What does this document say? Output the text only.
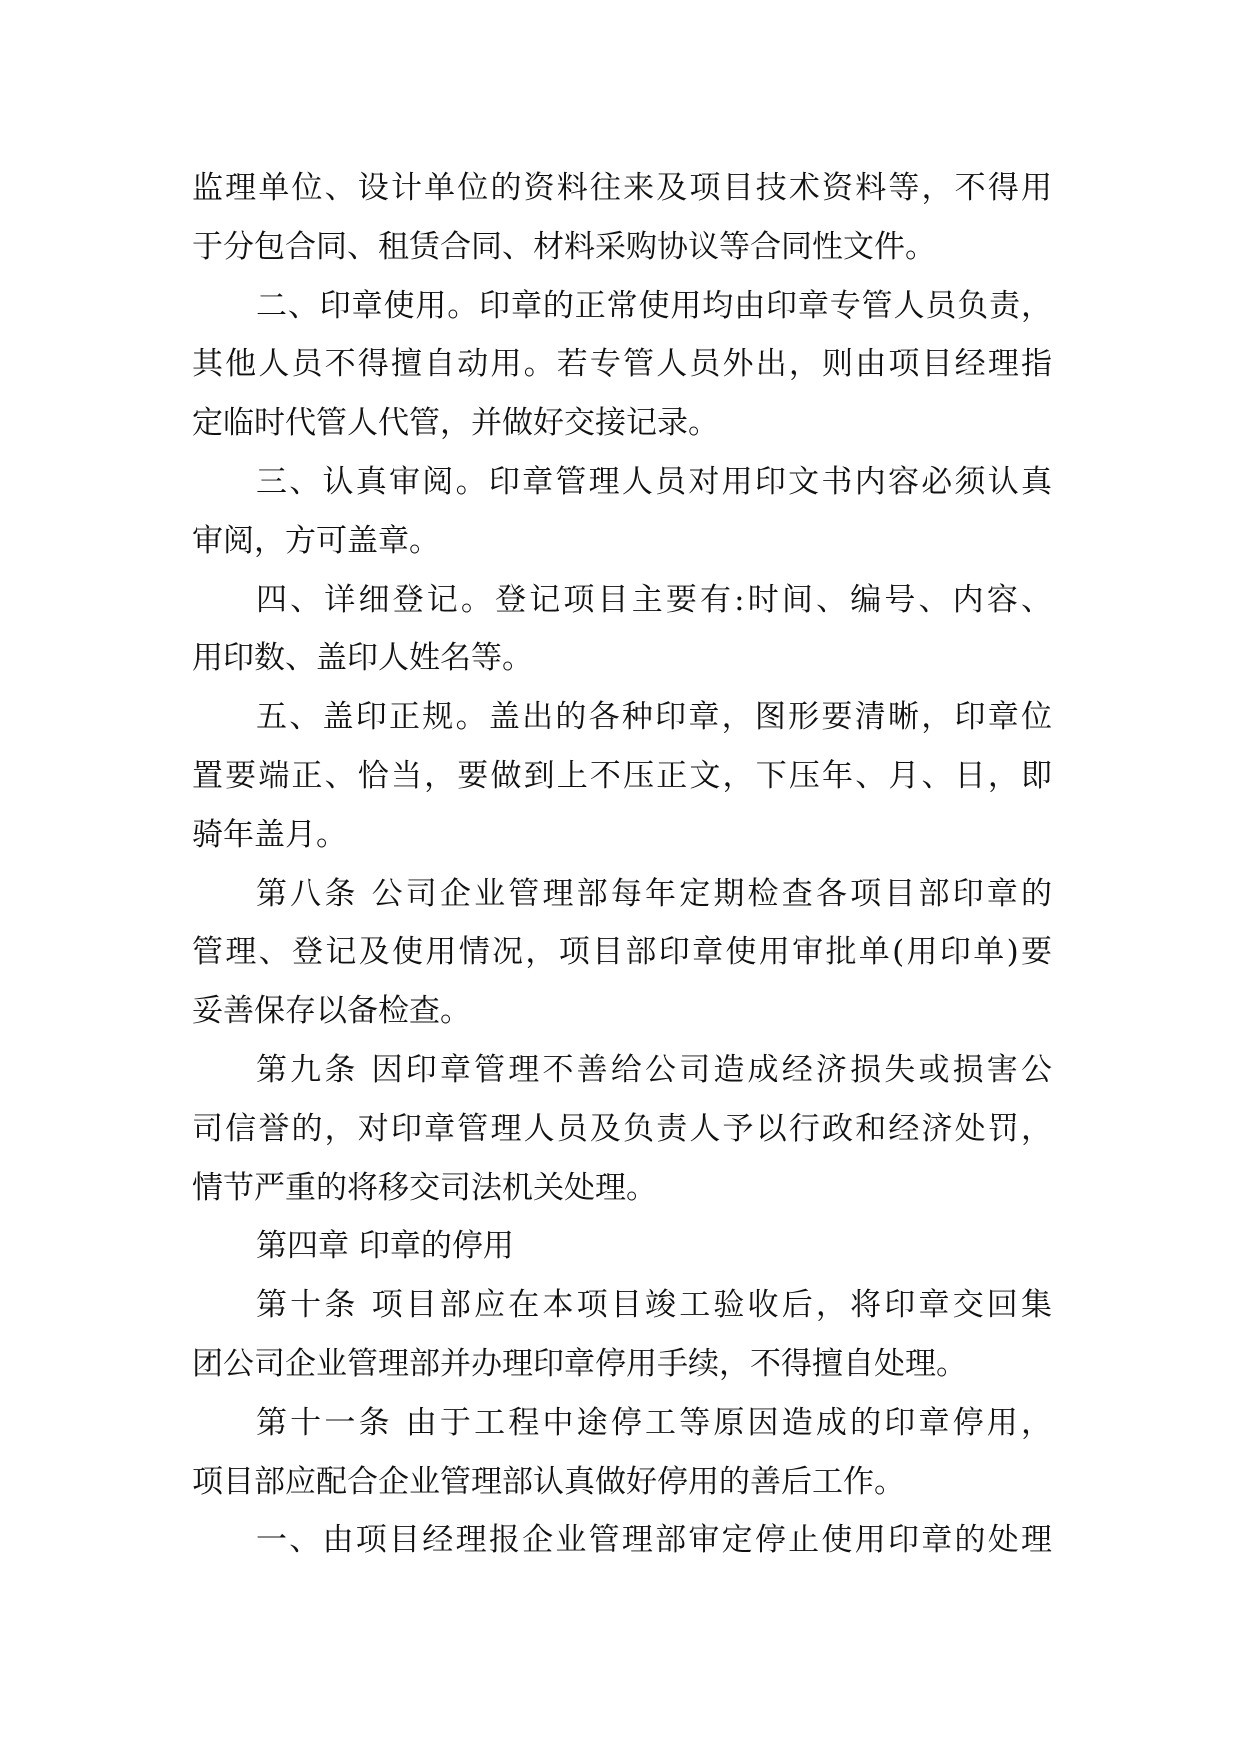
监理单位、设计单位的资料往来及项目技术资料等，不得用
于分包合同、租赁合同、材料采购协议等合同性文件。
二、印章使用。印章的正常使用均由印章专管人员负责，
其他人员不得擅自动用。若专管人员外出，则由项目经理指
定临时代管人代管，并做好交接记录。
三、认真审阅。印章管理人员对用印文书内容必须认真
审阅，方可盖章。
四、详细登记。登记项目主要有:时间、编号、内容、
用印数、盖印人姓名等。
五、盖印正规。盖出的各种印章，图形要清晰，印章位
置要端正、恰当，要做到上不压正文，下压年、月、日，即
骑年盖月。
第八条 公司企业管理部每年定期检查各项目部印章的
管理、登记及使用情况，项目部印章使用审批单(用印单)要
妥善保存以备检查。
第九条 因印章管理不善给公司造成经济损失或损害公
司信誉的，对印章管理人员及负责人予以行政和经济处罚，
情节严重的将移交司法机关处理。
第四章 印章的停用
第十条 项目部应在本项目竣工验收后，将印章交回集
团公司企业管理部并办理印章停用手续，不得擅自处理。
第十一条 由于工程中途停工等原因造成的印章停用，
项目部应配合企业管理部认真做好停用的善后工作。
一、由项目经理报企业管理部审定停止使用印章的处理
